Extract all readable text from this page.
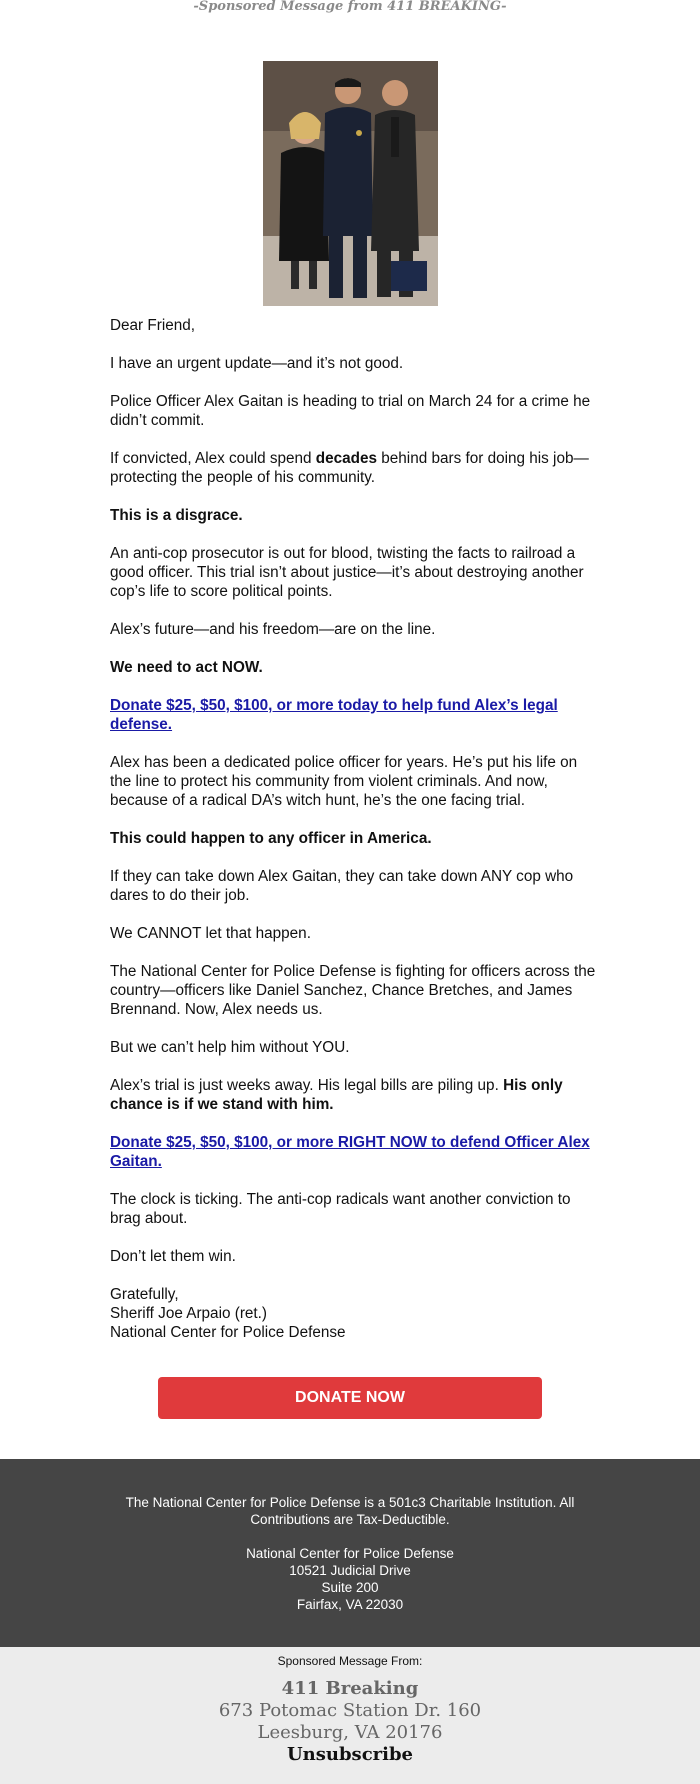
-Sponsored Message from 411 BREAKING-

Dear Friend,

I have an urgent update—and it’s not good.

Police Officer Alex Gaitan is heading to trial on March 24 for a crime he didn’t commit.

If convicted, Alex could spend decades behind bars for doing his job—protecting the people of his community.

This is a disgrace.

An anti-cop prosecutor is out for blood, twisting the facts to railroad a good officer. This trial isn’t about justice—it’s about destroying another cop’s life to score political points.

Alex’s future—and his freedom—are on the line.

We need to act NOW.

Donate $25, $50, $100, or more today to help fund Alex’s legal defense.

Alex has been a dedicated police officer for years. He’s put his life on the line to protect his community from violent criminals. And now, because of a radical DA’s witch hunt, he’s the one facing trial.

This could happen to any officer in America.

If they can take down Alex Gaitan, they can take down ANY cop who dares to do their job.

We CANNOT let that happen.

The National Center for Police Defense is fighting for officers across the country—officers like Daniel Sanchez, Chance Bretches, and James Brennand. Now, Alex needs us.

But we can’t help him without YOU.

Alex’s trial is just weeks away. His legal bills are piling up. His only chance is if we stand with him.

Donate $25, $50, $100, or more RIGHT NOW to defend Officer Alex Gaitan.

The clock is ticking. The anti-cop radicals want another conviction to brag about.

Don’t let them win.

Gratefully,
Sheriff Joe Arpaio (ret.)
National Center for Police Defense

DONATE NOW
The National Center for Police Defense is a 501c3 Charitable Institution. All Contributions are Tax-Deductible.
National Center for Police Defense
10521 Judicial Drive
Suite 200
Fairfax, VA 22030
Sponsored Message From:
411 Breaking
673 Potomac Station Dr. 160
Leesburg, VA 20176
Unsubscribe
